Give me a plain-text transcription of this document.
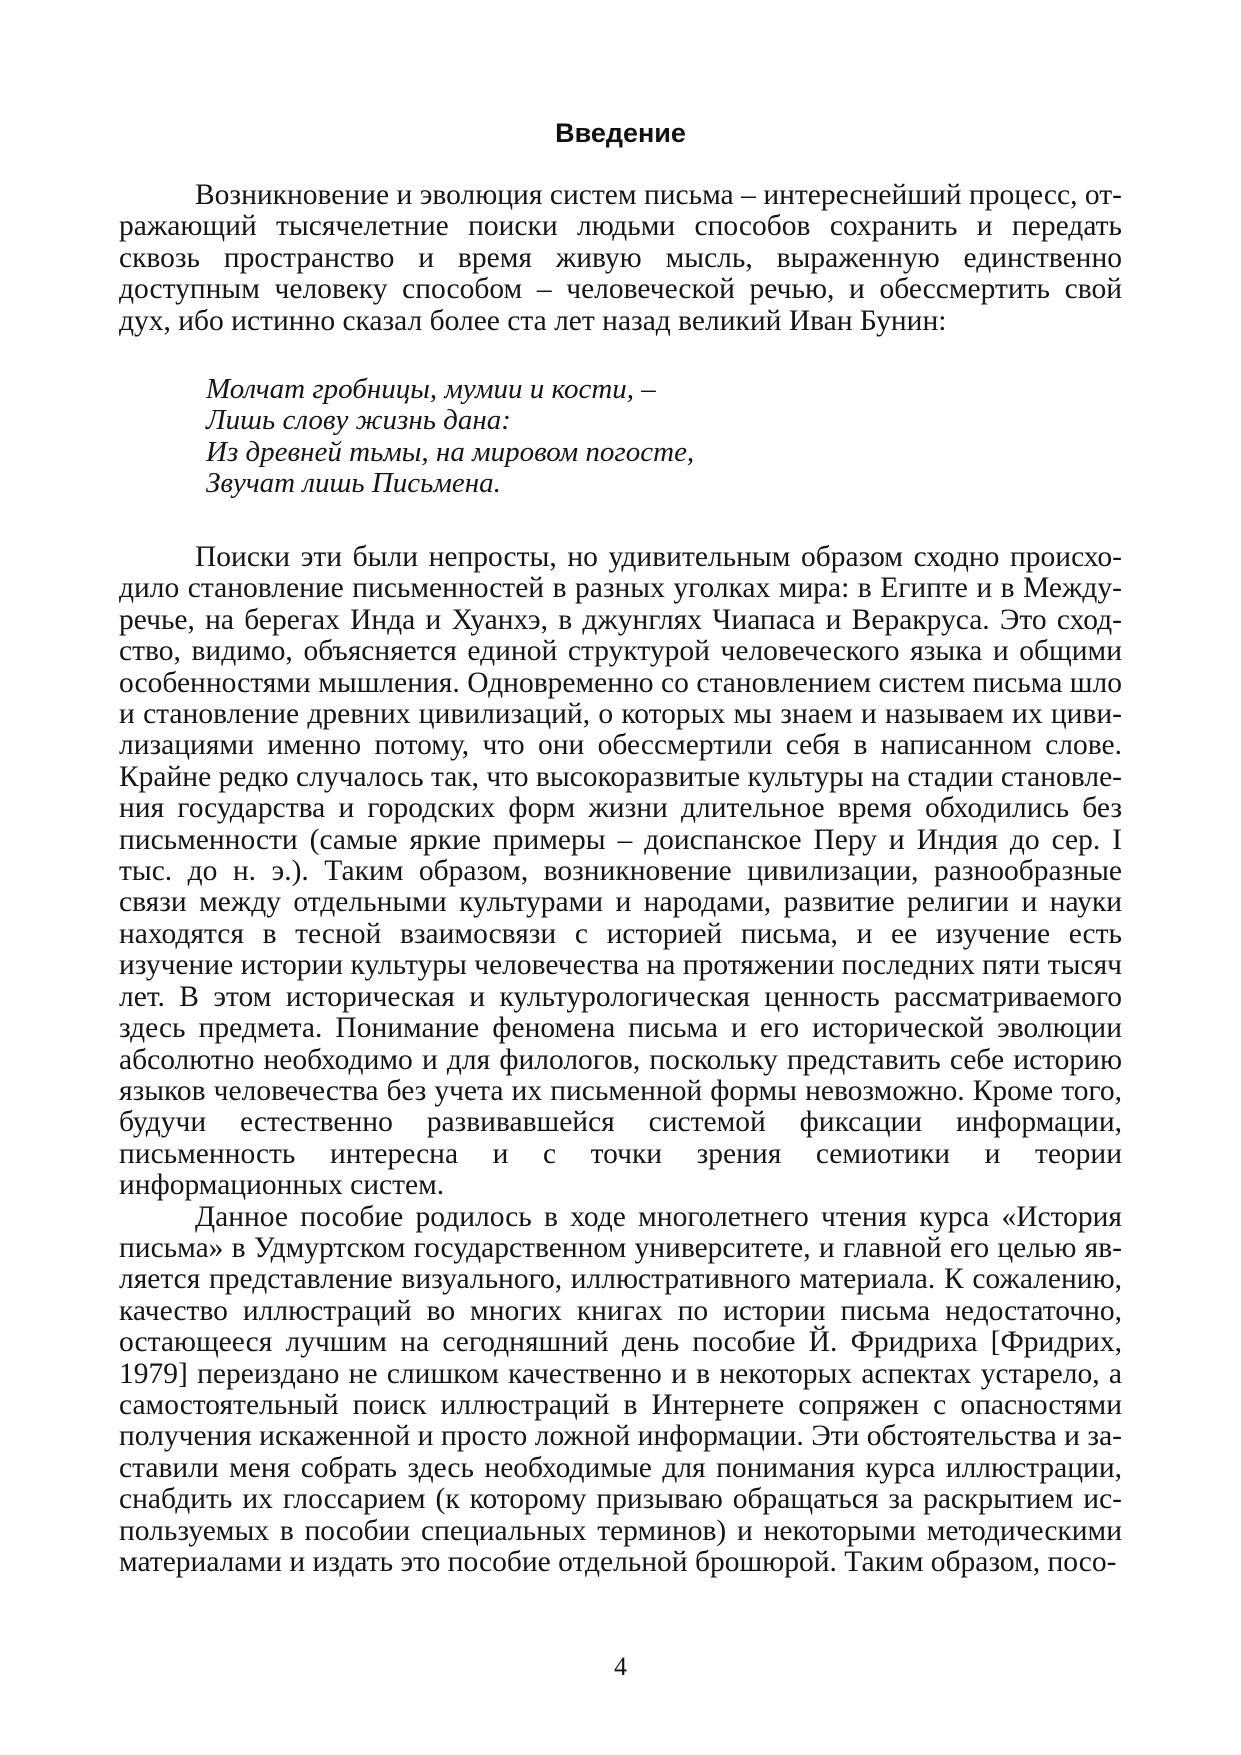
Введение

Возникновение и эволюция систем письма – интереснейший процесс, отражающий тысячелетние поиски людьми способов сохранить и передать сквозь пространство и время живую мысль, выраженную единственно доступным человеку способом – человеческой речью, и обессмертить свой дух, ибо истинно сказал более ста лет назад великий Иван Бунин:

Молчат гробницы, мумии и кости, –
Лишь слову жизнь дана:
Из древней тьмы, на мировом погосте,
Звучат лишь Письмена.

Поиски эти были непросты, но удивительным образом сходно происходило становление письменностей в разных уголках мира: в Египте и в Междуречье, на берегах Инда и Хуанхэ, в джунглях Чиапаса и Веракруса. Это сходство, видимо, объясняется единой структурой человеческого языка и общими особенностями мышления. Одновременно со становлением систем письма шло и становление древних цивилизаций, о которых мы знаем и называем их цивилизациями именно потому, что они обессмертили себя в написанном слове. Крайне редко случалось так, что высокоразвитые культуры на стадии становления государства и городских форм жизни длительное время обходились без письменности (самые яркие примеры – доиспанское Перу и Индия до сер. I тыс. до н. э.). Таким образом, возникновение цивилизации, разнообразные связи между отдельными культурами и народами, развитие религии и науки находятся в тесной взаимосвязи с историей письма, и ее изучение есть изучение истории культуры человечества на протяжении последних пяти тысяч лет. В этом историческая и культурологическая ценность рассматриваемого здесь предмета. Понимание феномена письма и его исторической эволюции абсолютно необходимо и для филологов, поскольку представить себе историю языков человечества без учета их письменной формы невозможно. Кроме того, будучи естественно развивавшейся системой фиксации информации, письменность интересна и с точки зрения семиотики и теории информационных систем.

Данное пособие родилось в ходе многолетнего чтения курса «История письма» в Удмуртском государственном университете, и главной его целью является представление визуального, иллюстративного материала. К сожалению, качество иллюстраций во многих книгах по истории письма недостаточно, остающееся лучшим на сегодняшний день пособие Й. Фридриха [Фридрих, 1979] переиздано не слишком качественно и в некоторых аспектах устарело, а самостоятельный поиск иллюстраций в Интернете сопряжен с опасностями получения искаженной и просто ложной информации. Эти обстоятельства и заставили меня собрать здесь необходимые для понимания курса иллюстрации, снабдить их глоссарием (к которому призываю обращаться за раскрытием используемых в пособии специальных терминов) и некоторыми методическими материалами и издать это пособие отдельной брошюрой. Таким образом, посо-

4
